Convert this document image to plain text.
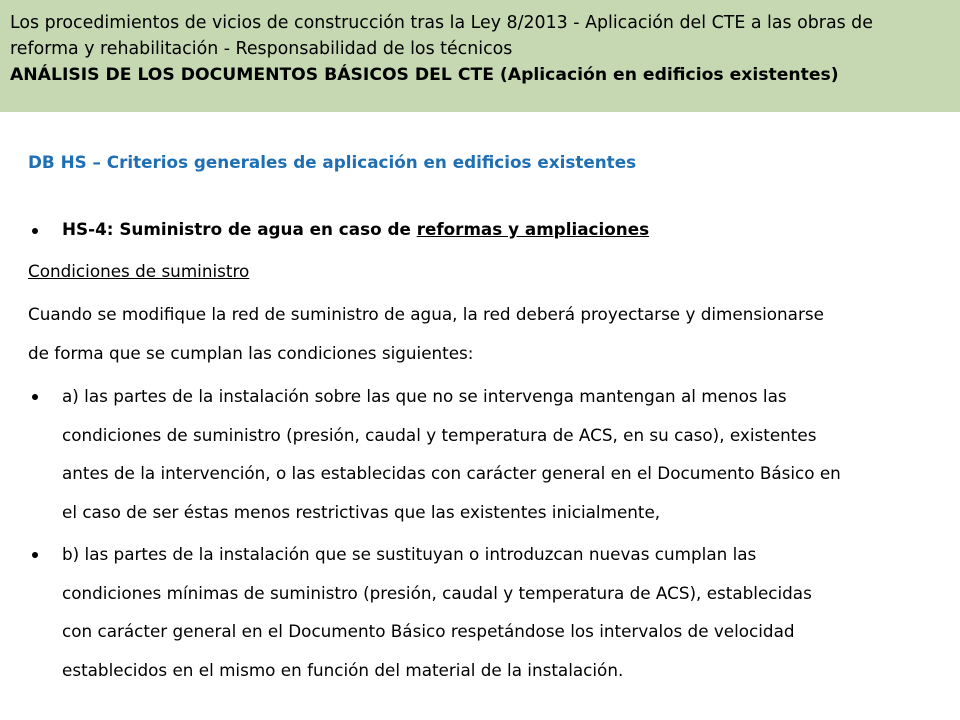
Los procedimientos de vicios de construcción tras la Ley 8/2013 - Aplicación del CTE a las obras de
reforma y rehabilitación - Responsabilidad de los técnicos
ANÁLISIS DE LOS DOCUMENTOS BÁSICOS DEL CTE (Aplicación en edificios existentes)
DB HS – Criterios generales de aplicación en edificios existentes
HS-4: Suministro de agua en caso de reformas y ampliaciones
Condiciones de suministro
Cuando se modifique la red de suministro de agua, la red deberá proyectarse y dimensionarse
de forma que se cumplan las condiciones siguientes:
a) las partes de la instalación sobre las que no se intervenga mantengan al menos las
condiciones de suministro (presión, caudal y temperatura de ACS, en su caso), existentes
antes de la intervención, o las establecidas con carácter general en el Documento Básico en
el caso de ser éstas menos restrictivas que las existentes inicialmente,
b) las partes de la instalación que se sustituyan o introduzcan nuevas cumplan las
condiciones mínimas de suministro (presión, caudal y temperatura de ACS), establecidas
con carácter general en el Documento Básico respetándose los intervalos de velocidad
establecidos en el mismo en función del material de la instalación.
